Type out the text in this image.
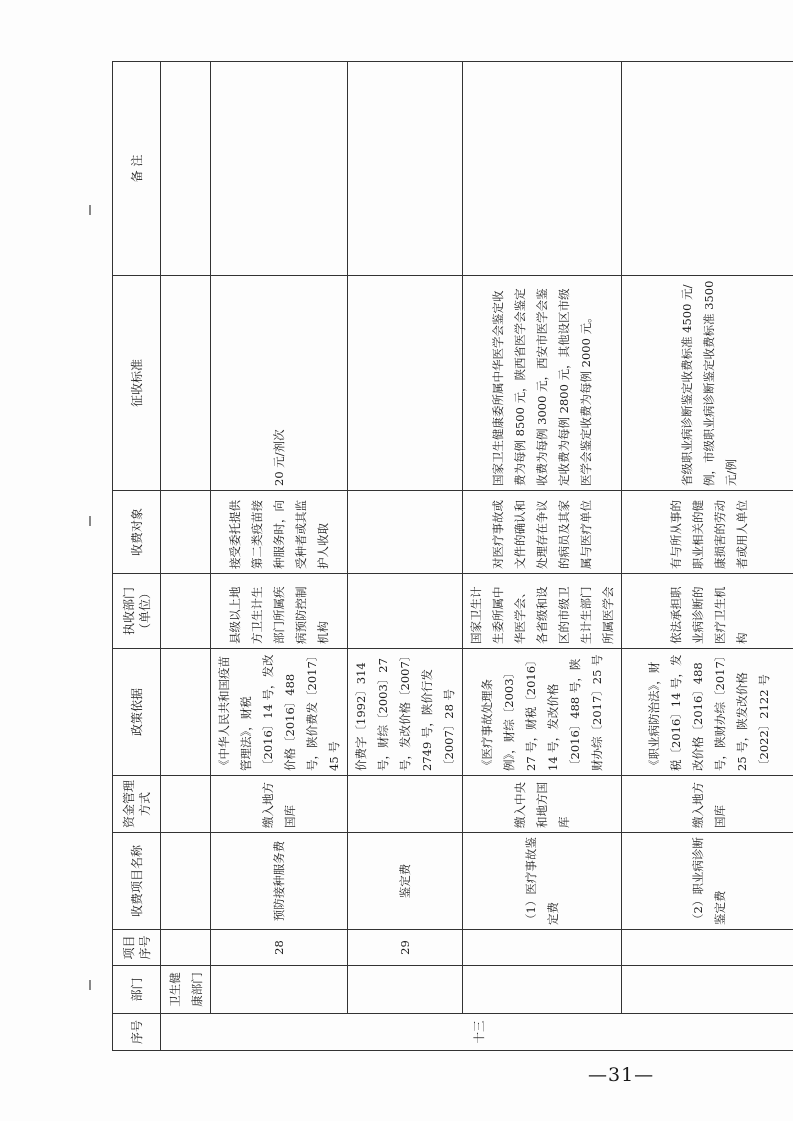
序号	部门	项目序号	收费项目名称	资金管理方式	政策依据	执收部门（单位）	收费对象	征收标准	备 注
十三	卫生健康部门								
		28	预防接种服务费	缴入地方国库	《中华人民共和国疫苗管理法》，财税〔2016〕14 号，发改价格〔2016〕488 号，陕价费发〔2017〕45 号	县级以上地方卫生计生部门所属疾病预防控制机构	接受委托提供第二类疫苗接种服务时，向受种者或其监护人收取	20 元/剂次	
		29	鉴定费		价费字〔1992〕314 号，财综〔2003〕27 号，发改价格〔2007〕2749 号，陕价行发〔2007〕28 号				
			（1）医疗事故鉴定费	缴入中央和地方国库	《医疗事故处理条例》，财综〔2003〕27 号，财税〔2016〕14 号，发改价格〔2016〕488 号，陕财办综〔2017〕25 号	国家卫生计生委所属中华医学会、各省级和设区的市级卫生计生部门所属医学会	对医疗事故或文件的确认和处理存在争议的病员及其家属与医疗单位	国家卫生健康委所属中华医学会鉴定收费为每例 8500 元，陕西省医学会鉴定收费为每例 3000 元，西安市医学会鉴定收费为每例 2800 元，其他设区市级医学会鉴定收费为每例 2000 元。	
			（2）职业病诊断鉴定费	缴入地方国库	《职业病防治法》，财税〔2016〕14 号，发改价格〔2016〕488 号，陕财办综〔2017〕25 号，陕发改价格〔2022〕2122 号	依法承担职业病诊断的医疗卫生机构	有与所从事的职业相关的健康损害的劳动者或用人单位	省级职业病诊断鉴定收费标准 4500 元/例，市级职业病诊断鉴定收费标准 3500 元/例	
—31—
